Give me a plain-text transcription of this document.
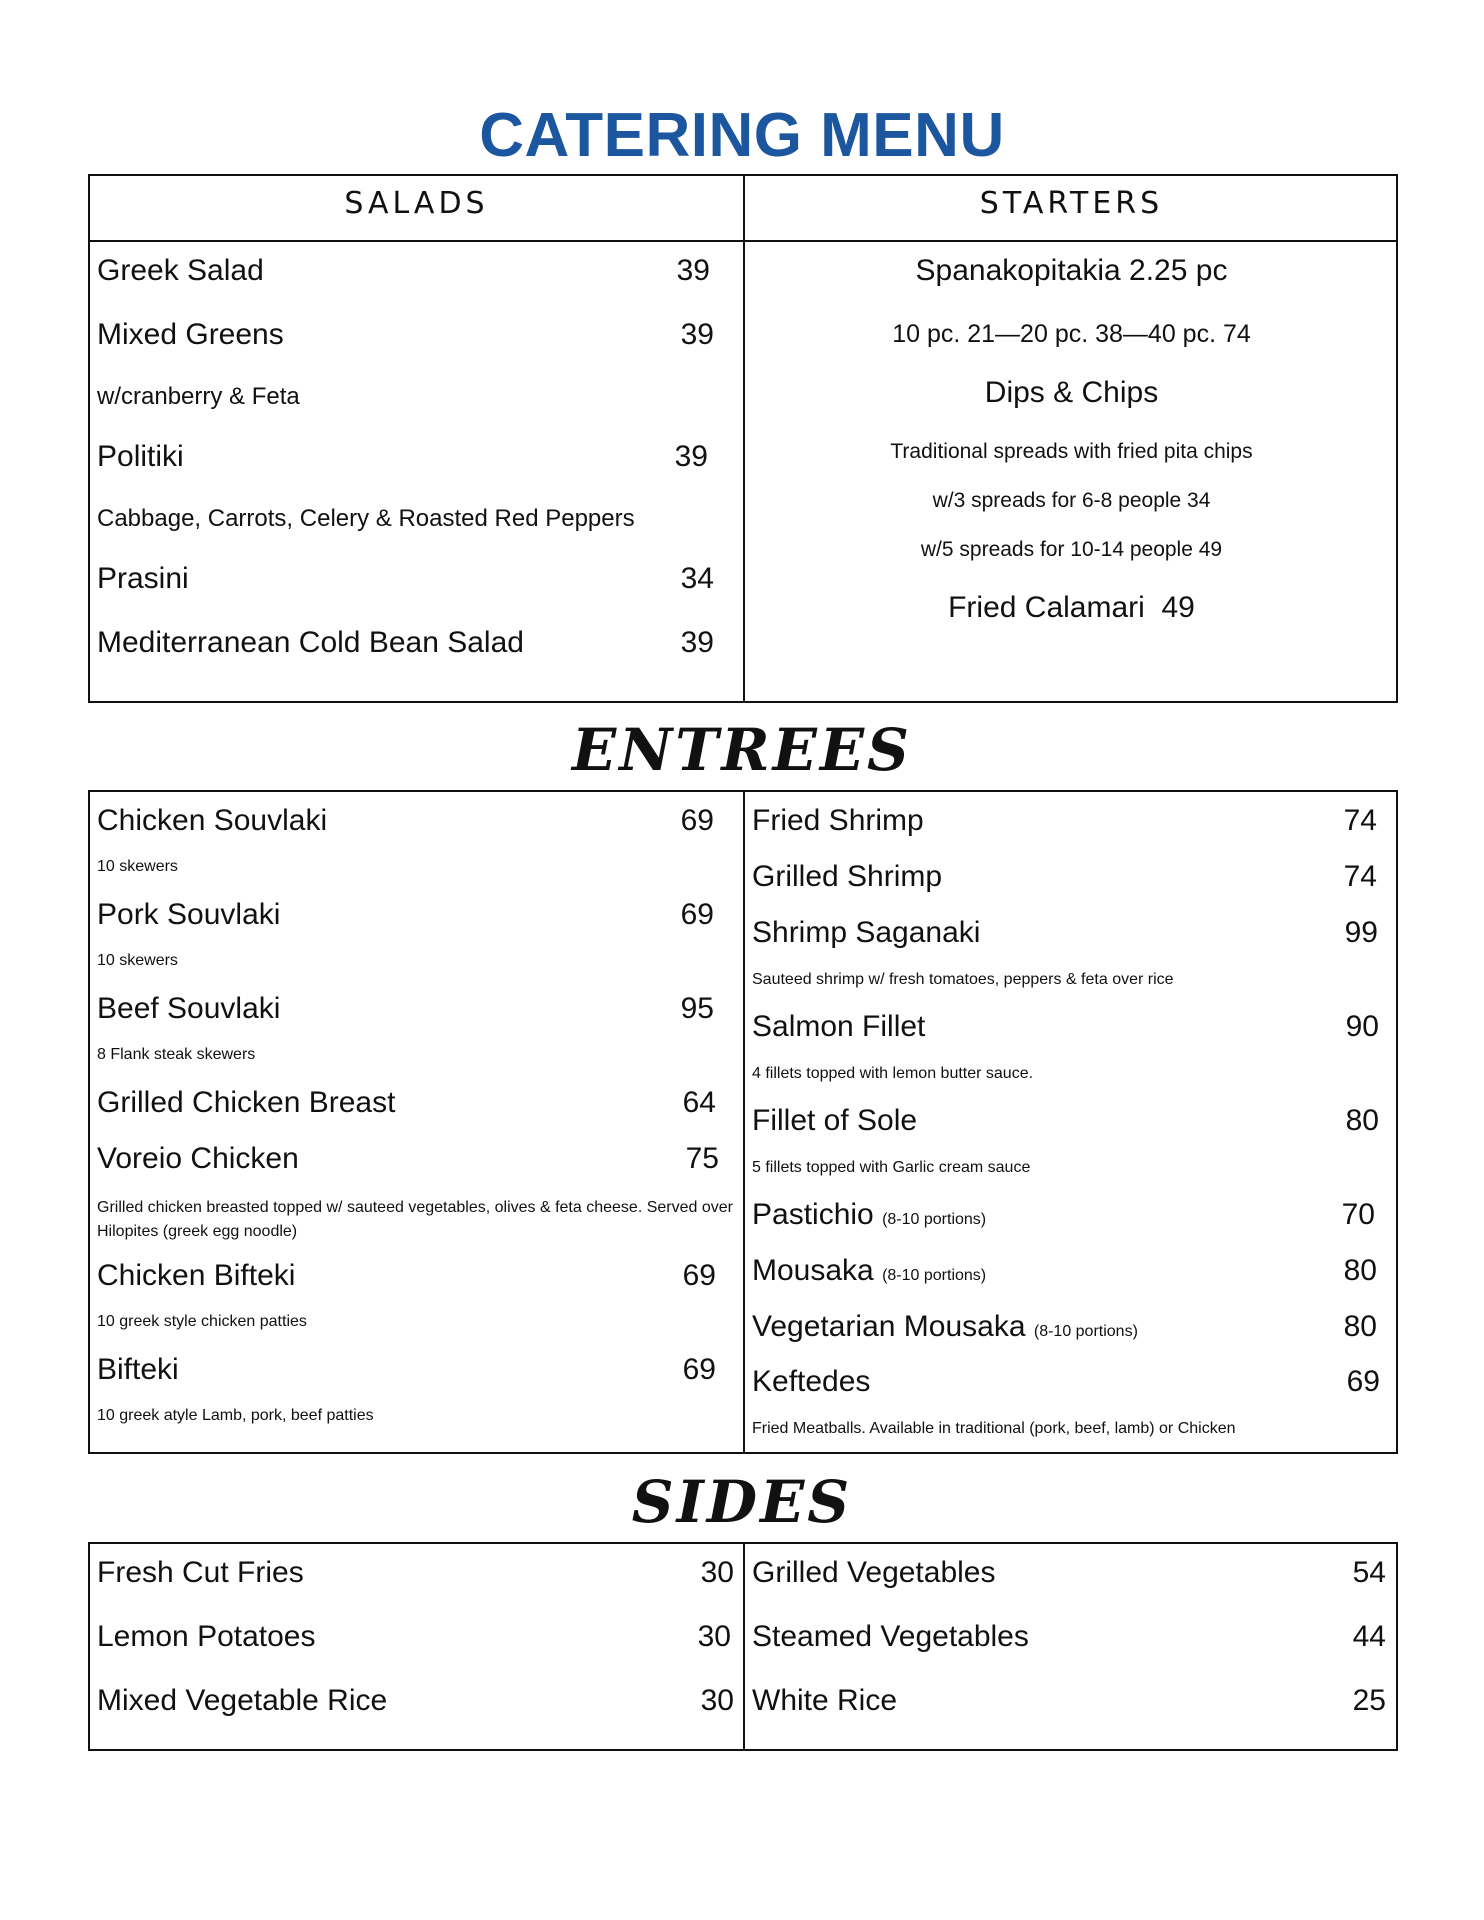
CATERING MENU
SALADS	STARTERS
Greek Salad	39
Mixed Greens	39
w/cranberry & Feta
Politiki	39
Cabbage, Carrots, Celery & Roasted Red Peppers
Prasini	34
Mediterranean Cold Bean Salad	39
Spanakopitakia 2.25 pc
10 pc. 21—20 pc. 38—40 pc. 74
Dips & Chips
Traditional spreads with fried pita chips
w/3 spreads for 6-8 people 34
w/5 spreads for 10-14 people 49
Fried Calamari  49
ENTREES
Chicken Souvlaki	69
10 skewers
Pork Souvlaki	69
10 skewers
Beef Souvlaki	95
8 Flank steak skewers
Grilled Chicken Breast	64
Voreio Chicken	75
Grilled chicken breasted topped w/ sauteed vegetables, olives & feta cheese. Served over Hilopites (greek egg noodle)
Chicken Bifteki	69
10 greek style chicken patties
Bifteki	69
10 greek atyle Lamb, pork, beef patties
Fried Shrimp	74
Grilled Shrimp	74
Shrimp Saganaki	99
Sauteed shrimp w/ fresh tomatoes, peppers & feta over rice
Salmon Fillet	90
4 fillets topped with lemon butter sauce.
Fillet of Sole	80
5 fillets topped with Garlic cream sauce
Pastichio (8-10 portions)	70
Mousaka (8-10 portions)	80
Vegetarian Mousaka (8-10 portions)	80
Keftedes	69
Fried Meatballs. Available in traditional (pork, beef, lamb) or Chicken
SIDES
Fresh Cut Fries	30
Lemon Potatoes	30
Mixed Vegetable Rice	30
Grilled Vegetables	54
Steamed Vegetables	44
White Rice	25
